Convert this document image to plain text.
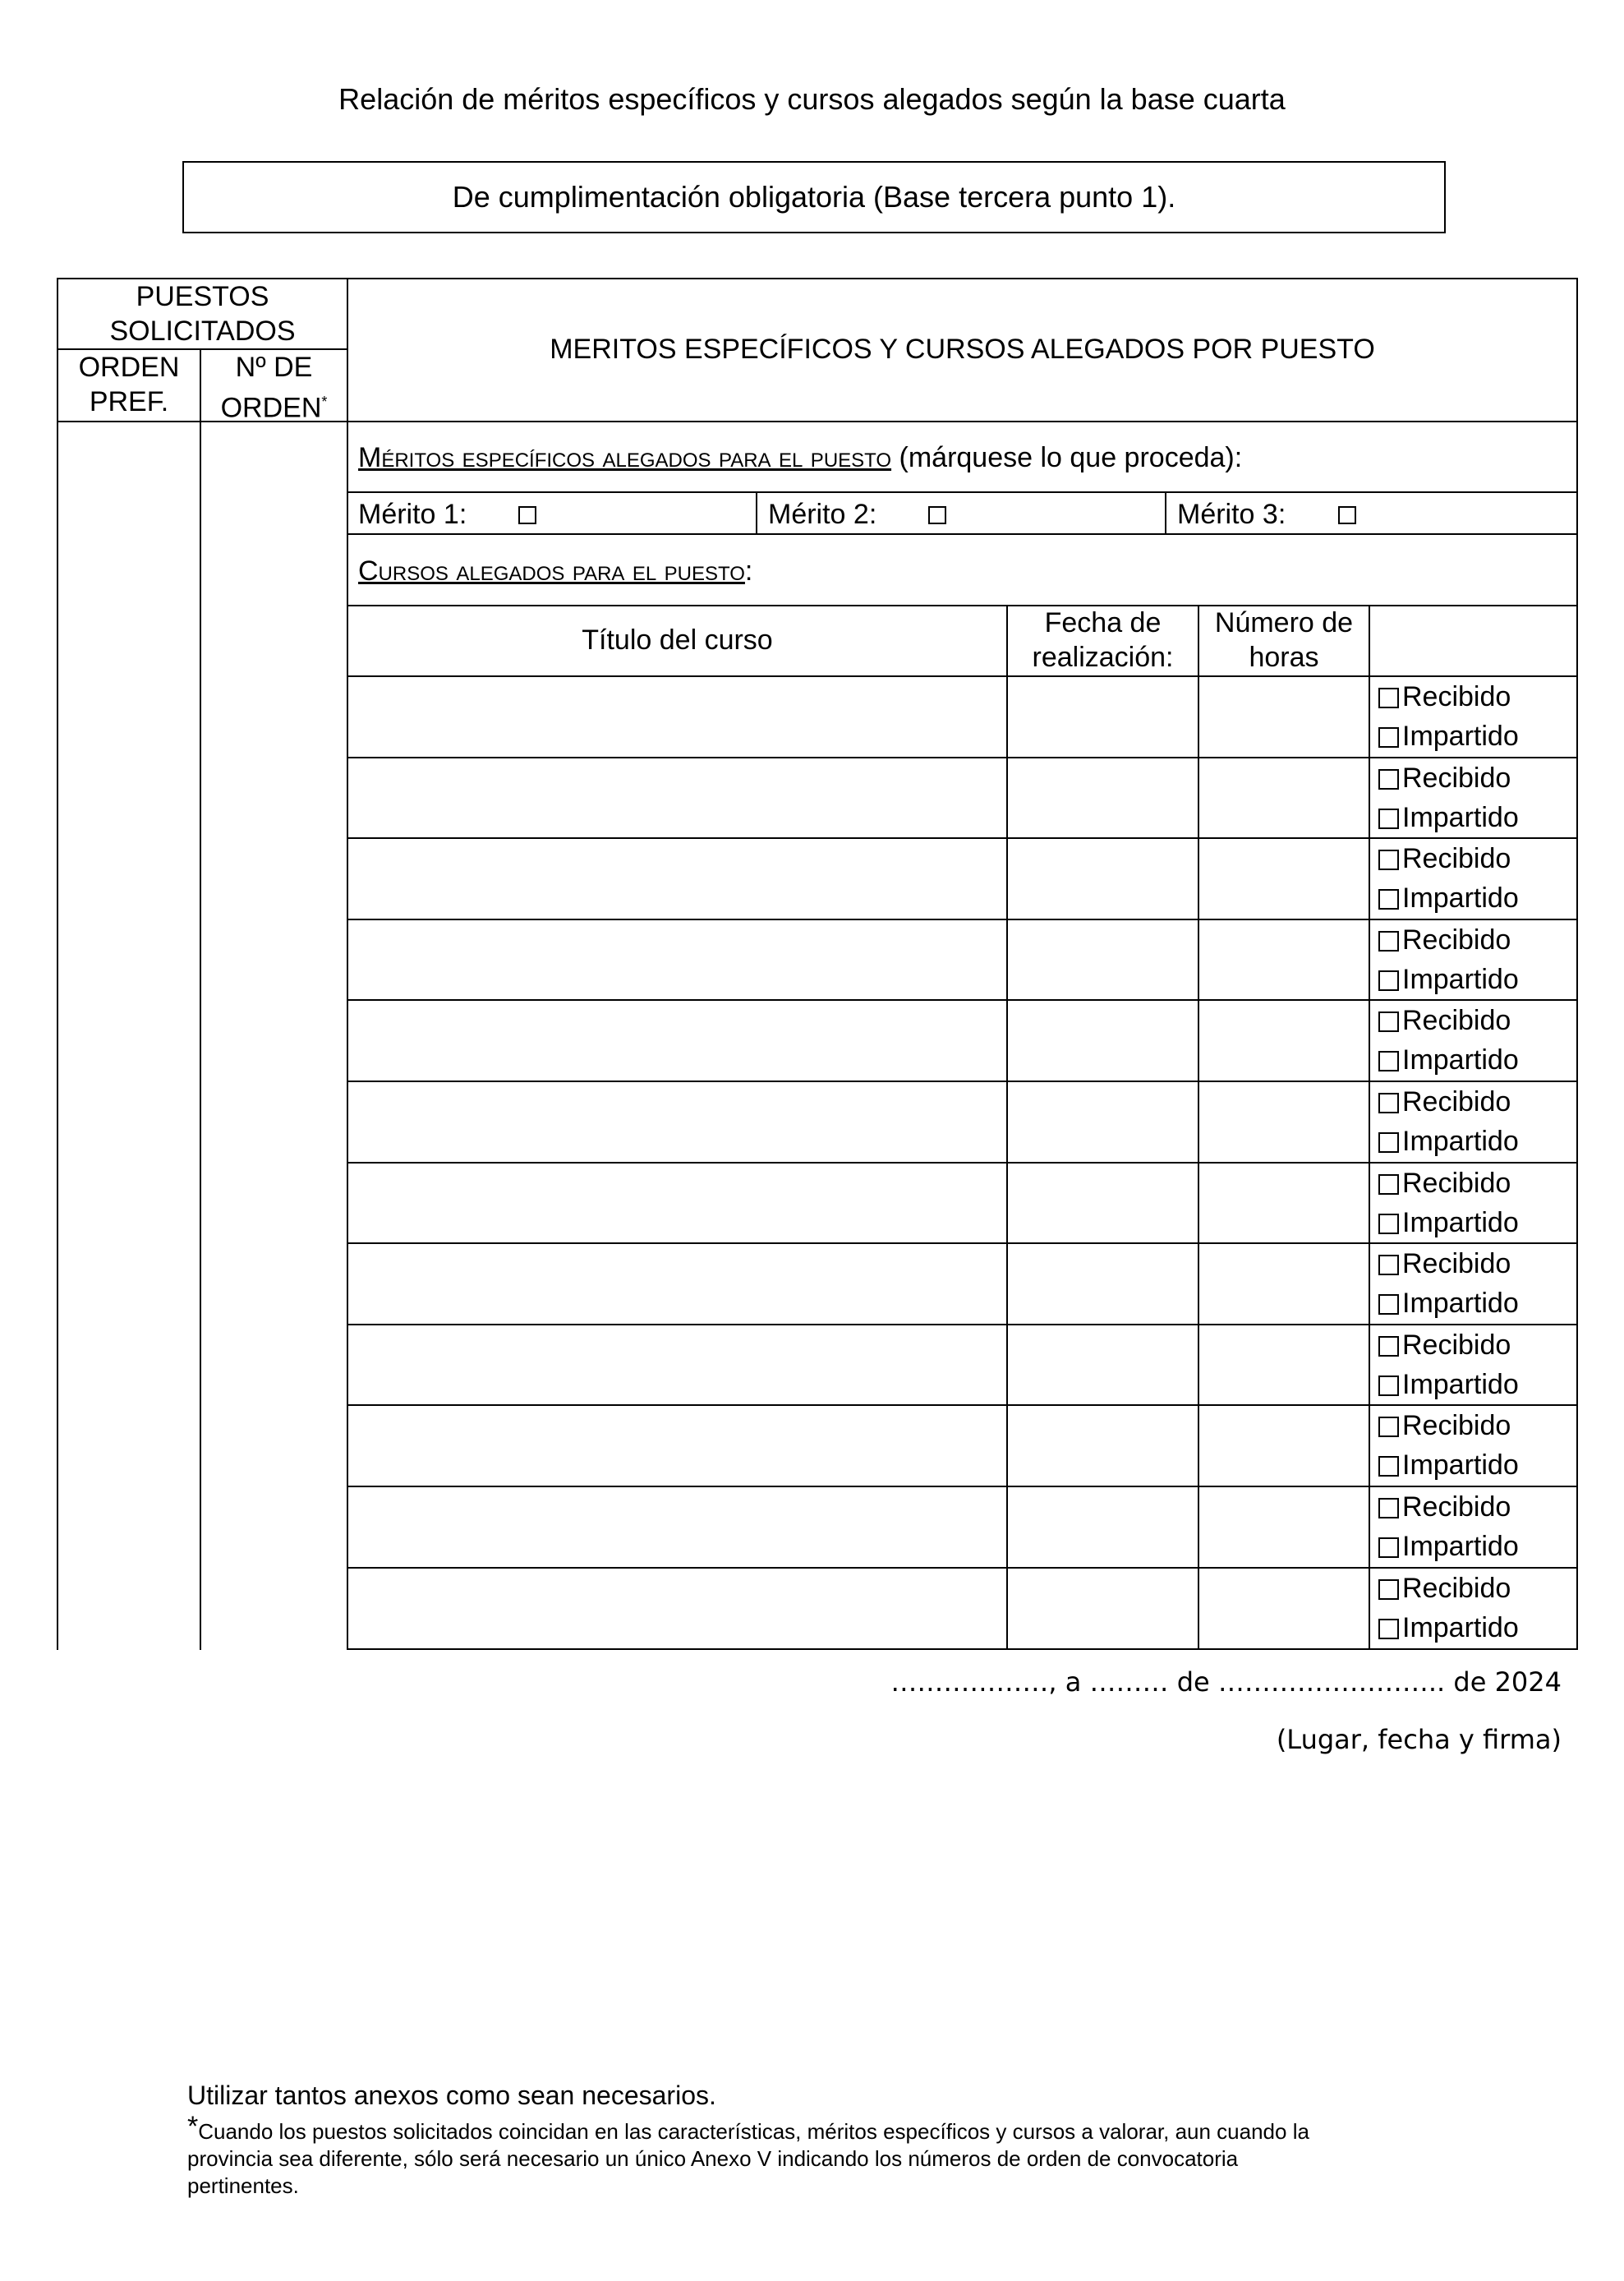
Relación de méritos específicos y cursos alegados según la base cuarta
De cumplimentación obligatoria (Base tercera punto 1).
PUESTOS SOLICITADOS
ORDEN PREF.
Nº DE ORDEN*
MERITOS ESPECÍFICOS Y CURSOS ALEGADOS POR PUESTO
Méritos específicos alegados para el puesto (márquese lo que proceda):
Mérito 1:	Mérito 2:	Mérito 3:
Cursos alegados para el puesto:
Título del curso
Fecha de realización:
Número de horas
Recibido
Impartido
Recibido
Impartido
Recibido
Impartido
Recibido
Impartido
Recibido
Impartido
Recibido
Impartido
Recibido
Impartido
Recibido
Impartido
Recibido
Impartido
Recibido
Impartido
Recibido
Impartido
Recibido
Impartido
………………, a ……… de …………………….. de 2024
(Lugar, fecha y firma)
Utilizar tantos anexos como sean necesarios.
*Cuando los puestos solicitados coincidan en las características, méritos específicos y cursos a valorar, aun cuando la provincia sea diferente, sólo será necesario un único Anexo V indicando los números de orden de convocatoria pertinentes.
